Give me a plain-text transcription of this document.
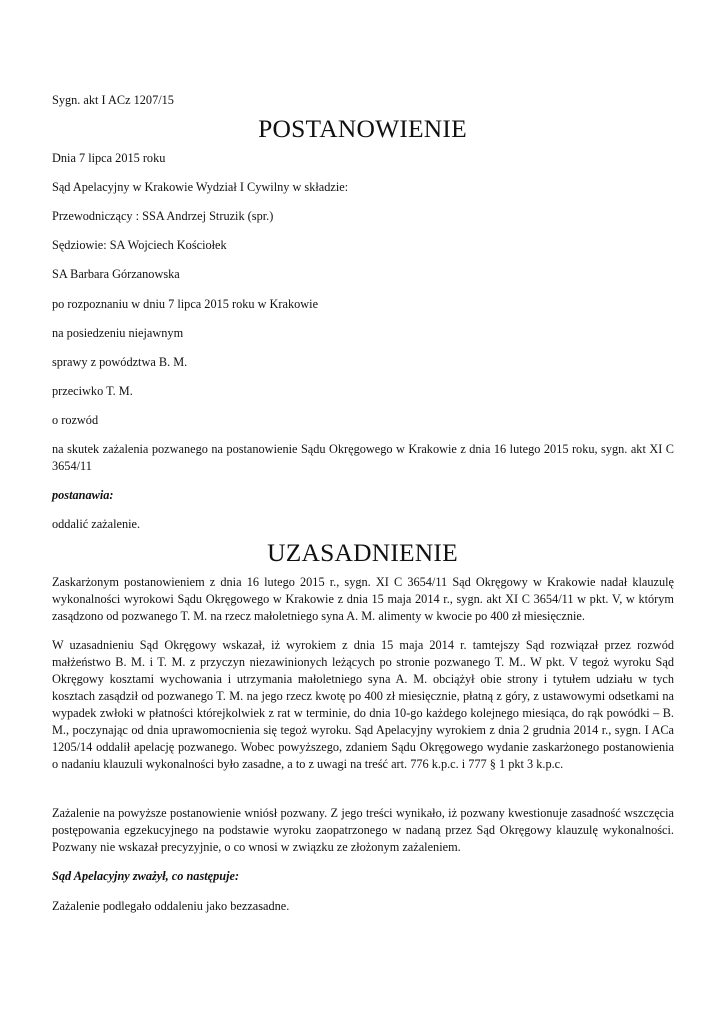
Sygn. akt I ACz 1207/15

POSTANOWIENIE

Dnia 7 lipca 2015 roku

Sąd Apelacyjny w Krakowie Wydział I Cywilny w składzie:

Przewodniczący : SSA Andrzej Struzik (spr.)

Sędziowie: SA Wojciech Kościołek

SA Barbara Górzanowska

po rozpoznaniu w dniu 7 lipca 2015 roku w Krakowie

na posiedzeniu niejawnym

sprawy z powództwa B. M.

przeciwko T. M.

o rozwód

na skutek zażalenia pozwanego na postanowienie Sądu Okręgowego w Krakowie z dnia 16 lutego 2015 roku, sygn. akt XI C 3654/11

postanawia:

oddalić zażalenie.

UZASADNIENIE

Zaskarżonym postanowieniem z dnia 16 lutego 2015 r., sygn. XI C 3654/11 Sąd Okręgowy w Krakowie nadał klauzulę wykonalności wyrokowi Sądu Okręgowego w Krakowie z dnia 15 maja 2014 r., sygn. akt XI C 3654/11 w pkt. V, w którym zasądzono od pozwanego T. M. na rzecz małoletniego syna A. M. alimenty w kwocie po 400 zł miesięcznie.

W uzasadnieniu Sąd Okręgowy wskazał, iż wyrokiem z dnia 15 maja 2014 r. tamtejszy Sąd rozwiązał przez rozwód małżeństwo B. M. i T. M. z przyczyn niezawinionych leżących po stronie pozwanego T. M.. W pkt. V tegoż wyroku Sąd Okręgowy kosztami wychowania i utrzymania małoletniego syna A. M. obciążył obie strony i tytułem udziału w tych kosztach zasądził od pozwanego T. M. na jego rzecz kwotę po 400 zł miesięcznie, płatną z góry, z ustawowymi odsetkami na wypadek zwłoki w płatności którejkolwiek z rat w terminie, do dnia 10-go każdego kolejnego miesiąca, do rąk powódki – B. M., poczynając od dnia uprawomocnienia się tegoż wyroku. Sąd Apelacyjny wyrokiem z dnia 2 grudnia 2014 r., sygn. I ACa 1205/14 oddalił apelację pozwanego. Wobec powyższego, zdaniem Sądu Okręgowego wydanie zaskarżonego postanowienia o nadaniu klauzuli wykonalności było zasadne, a to z uwagi na treść art. 776 k.p.c. i 777 § 1 pkt 3 k.p.c.

Zażalenie na powyższe postanowienie wniósł pozwany. Z jego treści wynikało, iż pozwany kwestionuje zasadność wszczęcia postępowania egzekucyjnego na podstawie wyroku zaopatrzonego w nadaną przez Sąd Okręgowy klauzulę wykonalności. Pozwany nie wskazał precyzyjnie, o co wnosi w związku ze złożonym zażaleniem.

Sąd Apelacyjny zważył, co następuje:

Zażalenie podlegało oddaleniu jako bezzasadne.
